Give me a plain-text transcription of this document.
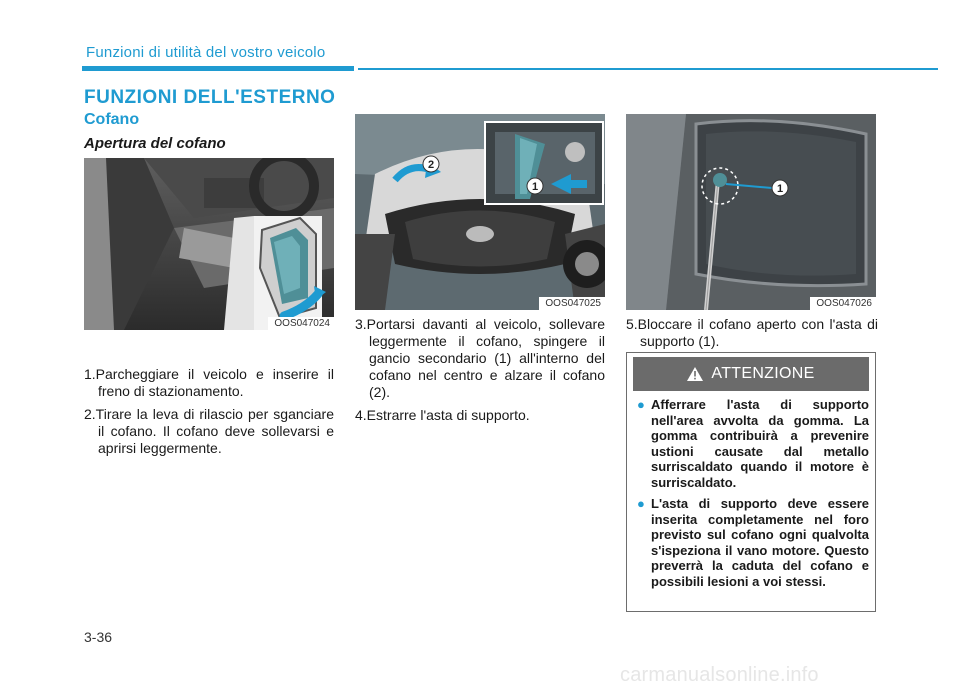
Funzioni di utilità del vostro veicolo
FUNZIONI DELL'ESTERNO
Cofano
Apertura del cofano
OOS047024
2
1
OOS047025
1
OOS047026

1.Parcheggiare il veicolo e inserire il freno di stazionamento.

2.Tirare la leva di rilascio per sganciare il cofano. Il cofano deve sollevarsi e aprirsi leggermente.

3.Portarsi davanti al veicolo, sollevare leggermente il cofano, spingere il gancio secondario (1) all'interno del cofano nel centro e alzare il cofano (2).

4.Estrarre l'asta di supporto.

5.Bloccare il cofano aperto con l'asta di supporto (1).

ATTENZIONE
● Afferrare l'asta di supporto nell'area avvolta da gomma. La gomma contribuirà a prevenire ustioni causate dal metallo surriscaldato quando il motore è surriscaldato.
● L'asta di supporto deve essere inserita completamente nel foro previsto sul cofano ogni qualvolta s'ispeziona il vano motore. Questo preverrà la caduta del cofano e possibili lesioni a voi stessi.
3-36
carmanualsonline.info
